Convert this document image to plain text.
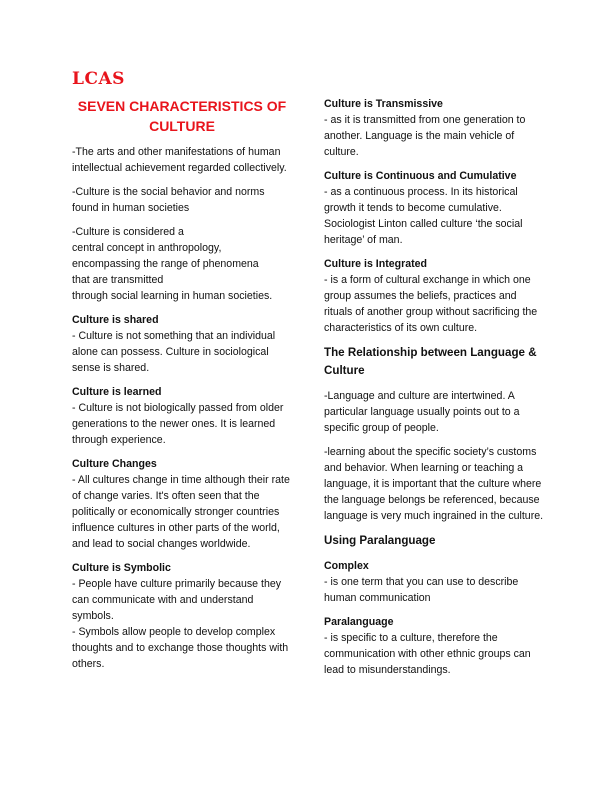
LCAS
SEVEN CHARACTERISTICS OF CULTURE

-The arts and other manifestations of human intellectual achievement regarded collectively.

-Culture is the social behavior and norms found in human societies

-Culture is considered a
central concept in anthropology,
encompassing the range of phenomena
that are transmitted
through social learning in human societies.

Culture is shared

- Culture is not something that an individual alone can possess. Culture in sociological sense is shared.

Culture is learned

- Culture is not biologically passed from older generations to the newer ones. It is learned through experience.

Culture Changes

- All cultures change in time although their rate of change varies. It's often seen that the politically or economically stronger countries influence cultures in other parts of the world, and lead to social changes worldwide.

Culture is Symbolic

- People have culture primarily because they can communicate with and understand symbols.

- Symbols allow people to develop complex thoughts and to exchange those thoughts with others.

Culture is Transmissive

- as it is transmitted from one generation to another. Language is the main vehicle of culture.

Culture is Continuous and Cumulative

- as a continuous process. In its historical growth it tends to become cumulative. Sociologist Linton called culture ‘the social heritage’ of man.

Culture is Integrated

- is a form of cultural exchange in which one group assumes the beliefs, practices and rituals of another group without sacrificing the characteristics of its own culture.

The Relationship between Language & Culture

-Language and culture are intertwined. A particular language usually points out to a specific group of people.

-learning about the specific society’s customs and behavior. When learning or teaching a language, it is important that the culture where the language belongs be referenced, because language is very much ingrained in the culture.

Using Paralanguage
Complex

- is one term that you can use to describe human communication

Paralanguage

- is specific to a culture, therefore the communication with other ethnic groups can lead to misunderstandings.
